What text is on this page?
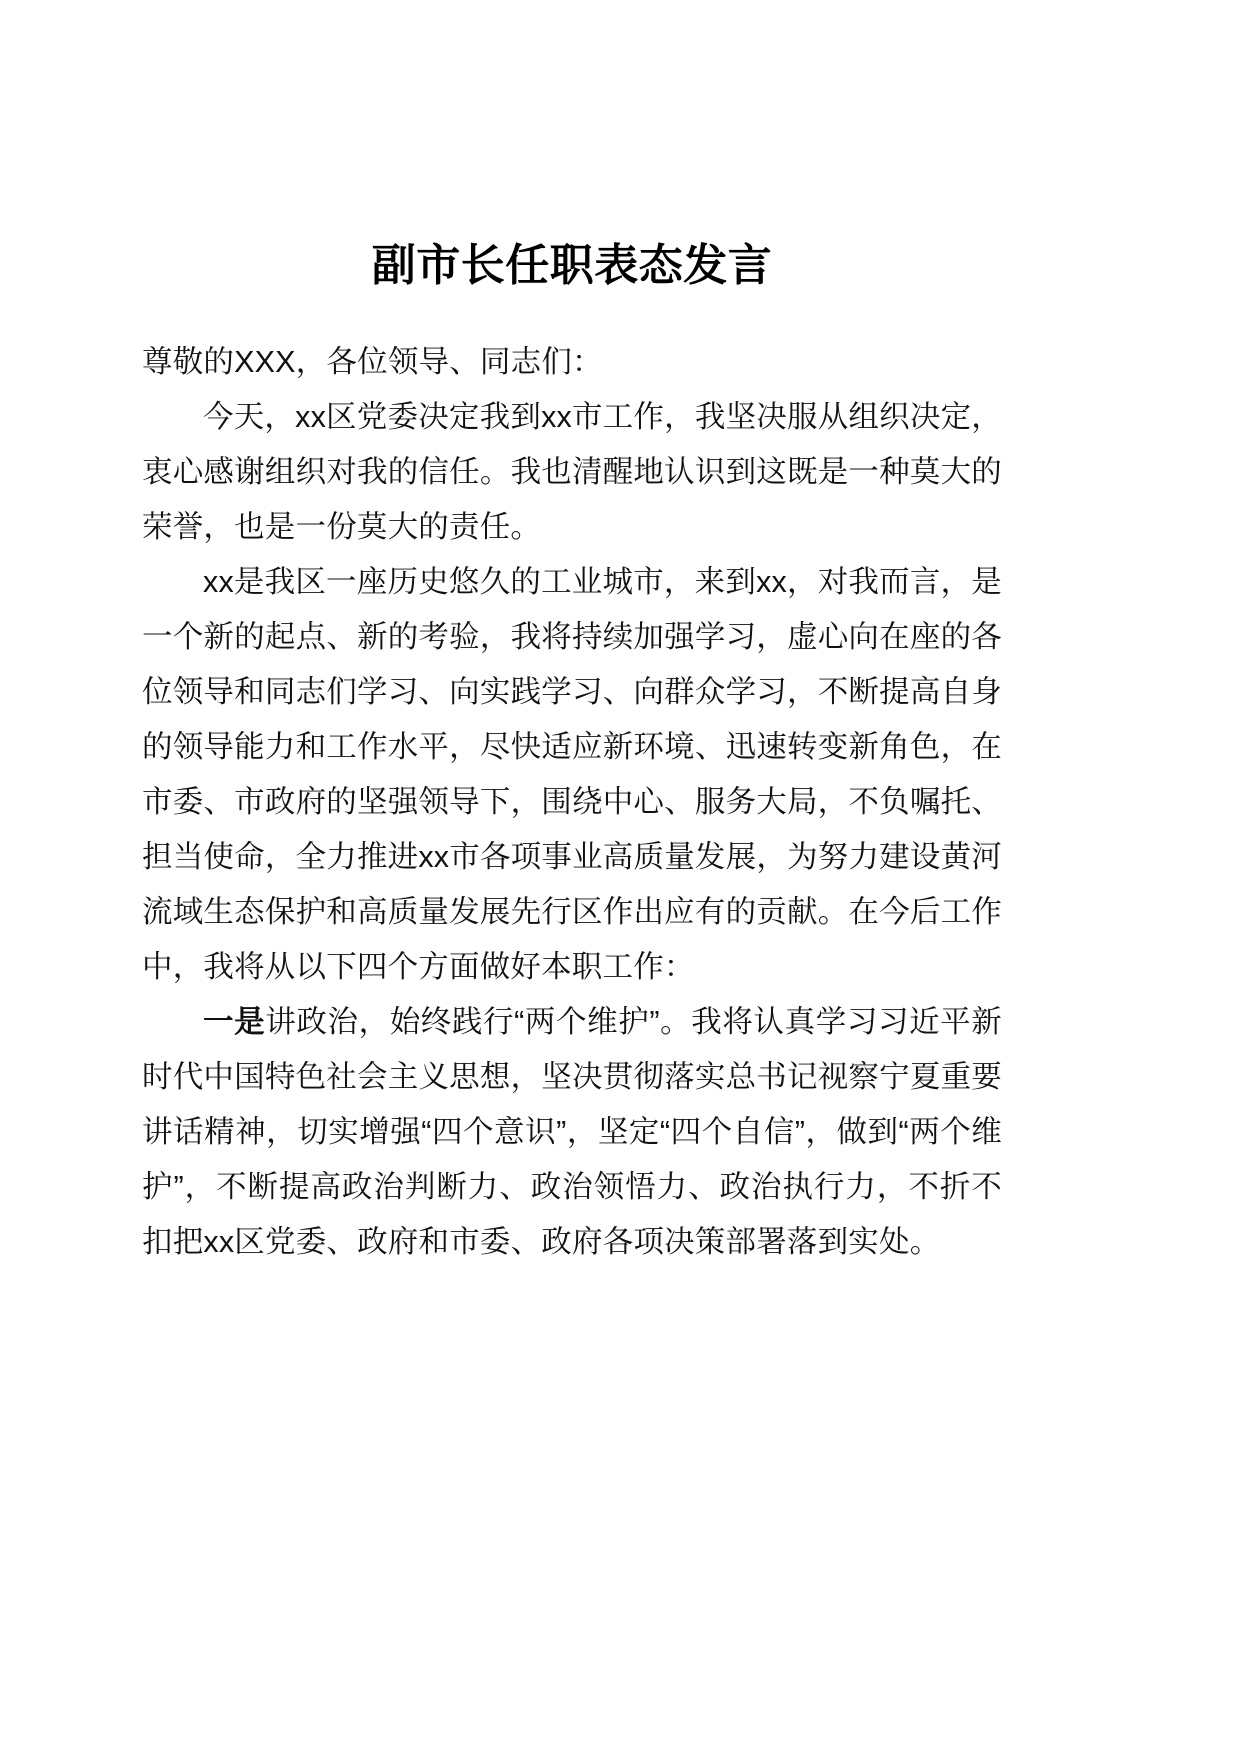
副市长任职表态发言

尊敬的XXX，各位领导、同志们：

今天，xx区党委决定我到xx市工作，我坚决服从组织决定，衷心感谢组织对我的信任。我也清醒地认识到这既是一种莫大的荣誉，也是一份莫大的责任。

xx是我区一座历史悠久的工业城市，来到xx，对我而言，是一个新的起点、新的考验，我将持续加强学习，虚心向在座的各位领导和同志们学习、向实践学习、向群众学习，不断提高自身的领导能力和工作水平，尽快适应新环境、迅速转变新角色，在市委、市政府的坚强领导下，围绕中心、服务大局，不负嘱托、担当使命，全力推进xx市各项事业高质量发展，为努力建设黄河流域生态保护和高质量发展先行区作出应有的贡献。在今后工作中，我将从以下四个方面做好本职工作：

一是讲政治，始终践行“两个维护”。我将认真学习习近平新时代中国特色社会主义思想，坚决贯彻落实总书记视察宁夏重要讲话精神，切实增强“四个意识”，坚定“四个自信”，做到“两个维护”，不断提高政治判断力、政治领悟力、政治执行力，不折不扣把xx区党委、政府和市委、政府各项决策部署落到实处。
